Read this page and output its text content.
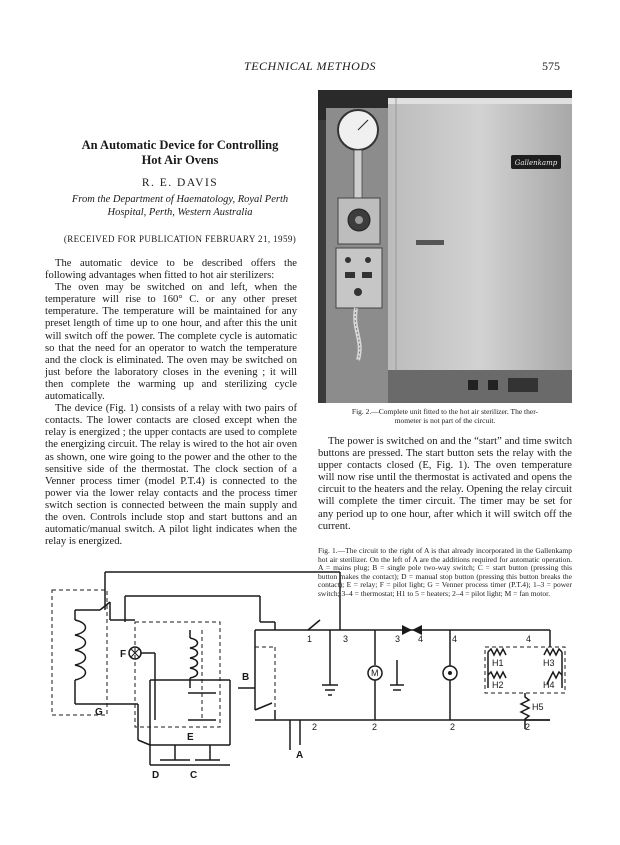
TECHNICAL METHODS	575
An Automatic Device for Controlling
Hot Air Ovens
R. E. DAVIS
From the Department of Haematology, Royal Perth
Hospital, Perth, Western Australia
(RECEIVED FOR PUBLICATION FEBRUARY 21, 1959)

The automatic device to be described offers the following advantages when fitted to hot air sterilizers:

The oven may be switched on and left, when the temperature will rise to 160° C. or any other preset temperature. The temperature will be maintained for any preset length of time up to one hour, and after this the unit will switch off the power. The complete cycle is automatic so that the need for an operator to watch the temperature and the clock is eliminated. The oven may be switched on just before the laboratory closes in the evening ; it will then complete the warming up and sterilizing cycle automatically.

The device (Fig. 1) consists of a relay with two pairs of contacts. The lower contacts are closed except when the relay is energized ; the upper contacts are used to complete the energizing circuit. The relay is wired to the hot air oven as shown, one wire going to the power and the other to the sensitive side of the thermostat. The clock section of a Venner process timer (model P.T.4) is connected to the power via the lower relay contacts and the process timer switch section is connected between the main supply and the oven. Controls include stop and start buttons and an automatic/manual switch. A pilot light indicates when the relay is energized.

Gallenkamp
Fig. 2.—Complete unit fitted to the hot air sterilizer. The ther-
mometer is not part of the circuit.

The power is switched on and the “start” and time switch buttons are pressed. The start button sets the relay with the upper contacts closed (E, Fig. 1). The oven temperature will now rise until the thermostat is activated and opens the circuit to the heaters and the relay. Opening the relay circuit will complete the timer circuit. The timer may be set for any period up to one hour, after which it will switch off the current.

Fig. 1.—The circuit to the right of A is that already incorporated in the Gallenkamp hot air sterilizer. On the left of A are the additions required for automatic operation. A = mains plug; B = single pole two-way switch; C = start button (pressing this button makes the contact); D = manual stop button (pressing this button breaks the contact); E = relay; F = pilot light; G = Venner process timer (P.T.4); 1–3 = power switch; 3–4 = thermostat; H1 to 5 = heaters; 2–4 = pilot light; M = fan motor.
G
F
E
D	C
B
A
M
1	3	3 4	4	4
2	2	2	2
H1	H3
H2	H4
H5
